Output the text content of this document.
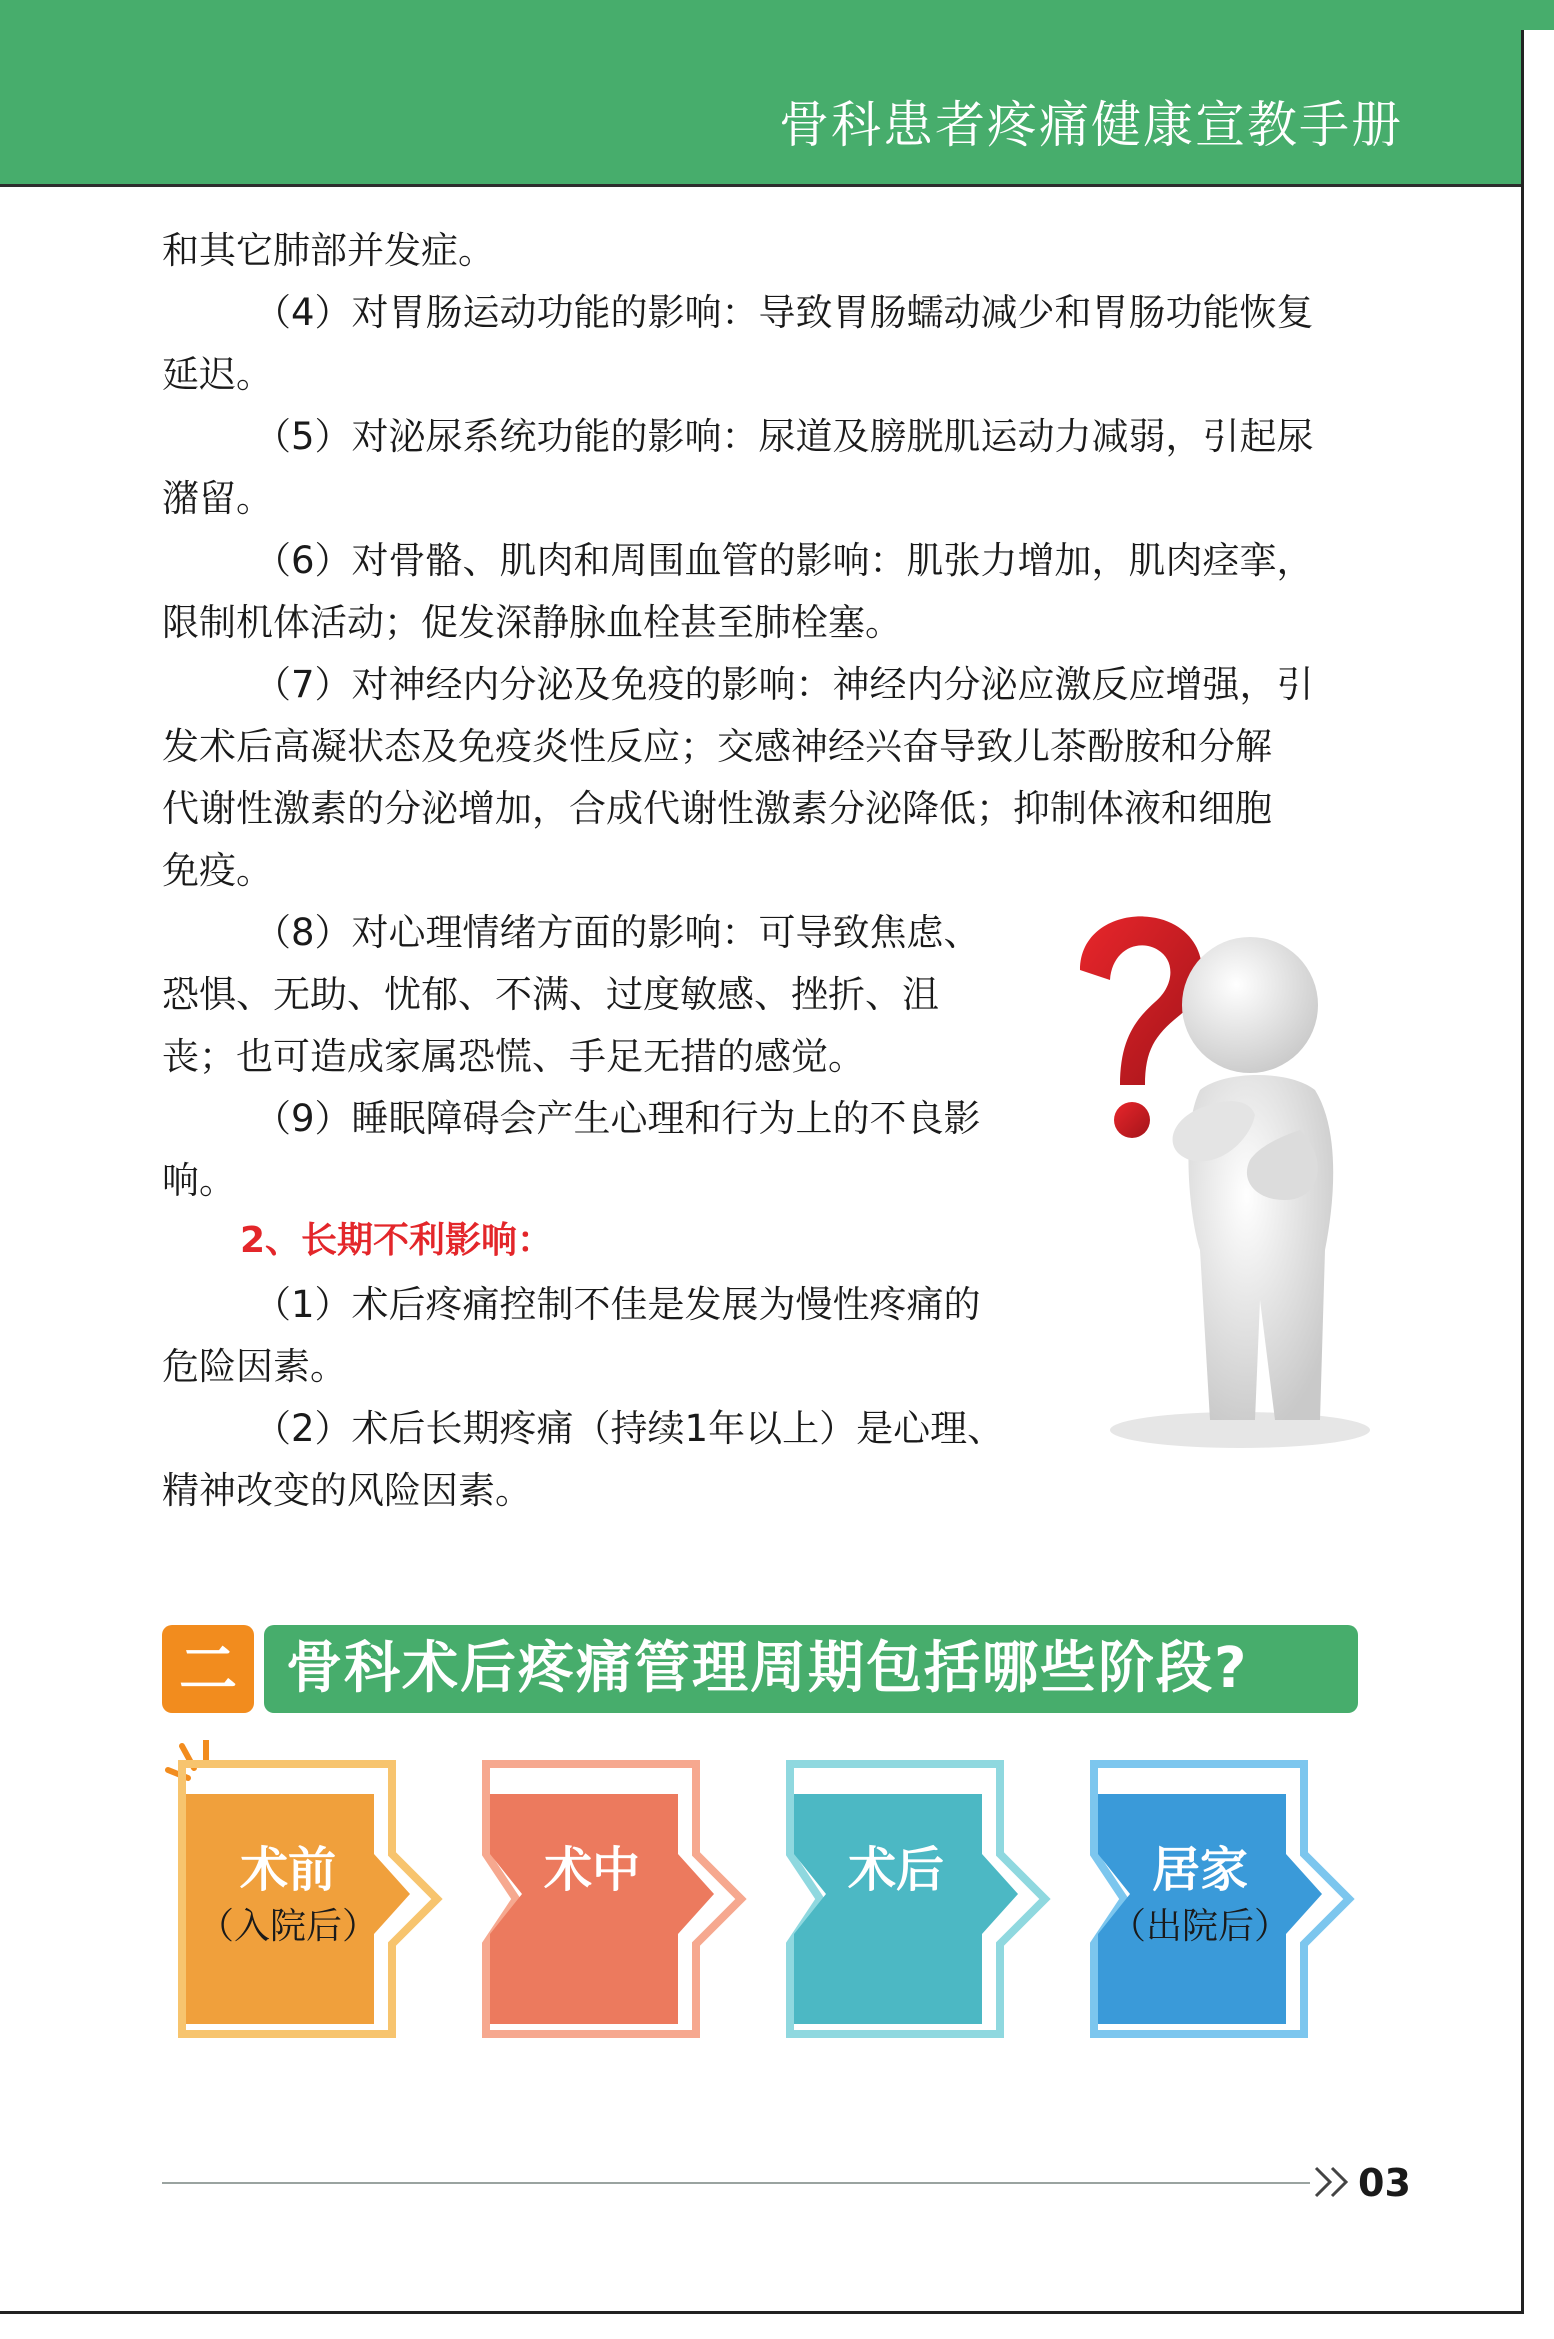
骨科患者疼痛健康宣教手册

和其它肺部并发症。

（4）对胃肠运动功能的影响：导致胃肠蠕动减少和胃肠功能恢复
延迟。

（5）对泌尿系统功能的影响：尿道及膀胱肌运动力减弱，引起尿
潴留。

（6）对骨骼、肌肉和周围血管的影响：肌张力增加，肌肉痉挛，
限制机体活动；促发深静脉血栓甚至肺栓塞。

（7）对神经内分泌及免疫的影响：神经内分泌应激反应增强，引
发术后高凝状态及免疫炎性反应；交感神经兴奋导致儿茶酚胺和分解
代谢性激素的分泌增加，合成代谢性激素分泌降低；抑制体液和细胞
免疫。

（8）对心理情绪方面的影响：可导致焦虑、
恐惧、无助、忧郁、不满、过度敏感、挫折、沮
丧；也可造成家属恐慌、手足无措的感觉。

（9）睡眠障碍会产生心理和行为上的不良影
响。

（1）术后疼痛控制不佳是发展为慢性疼痛的
危险因素。

（2）术后长期疼痛（持续1年以上）是心理、
精神改变的风险因素。

2、长期不利影响：
二 骨科术后疼痛管理周期包括哪些阶段?
术前
（入院后）
术中	术后	居家
（出院后）
03
